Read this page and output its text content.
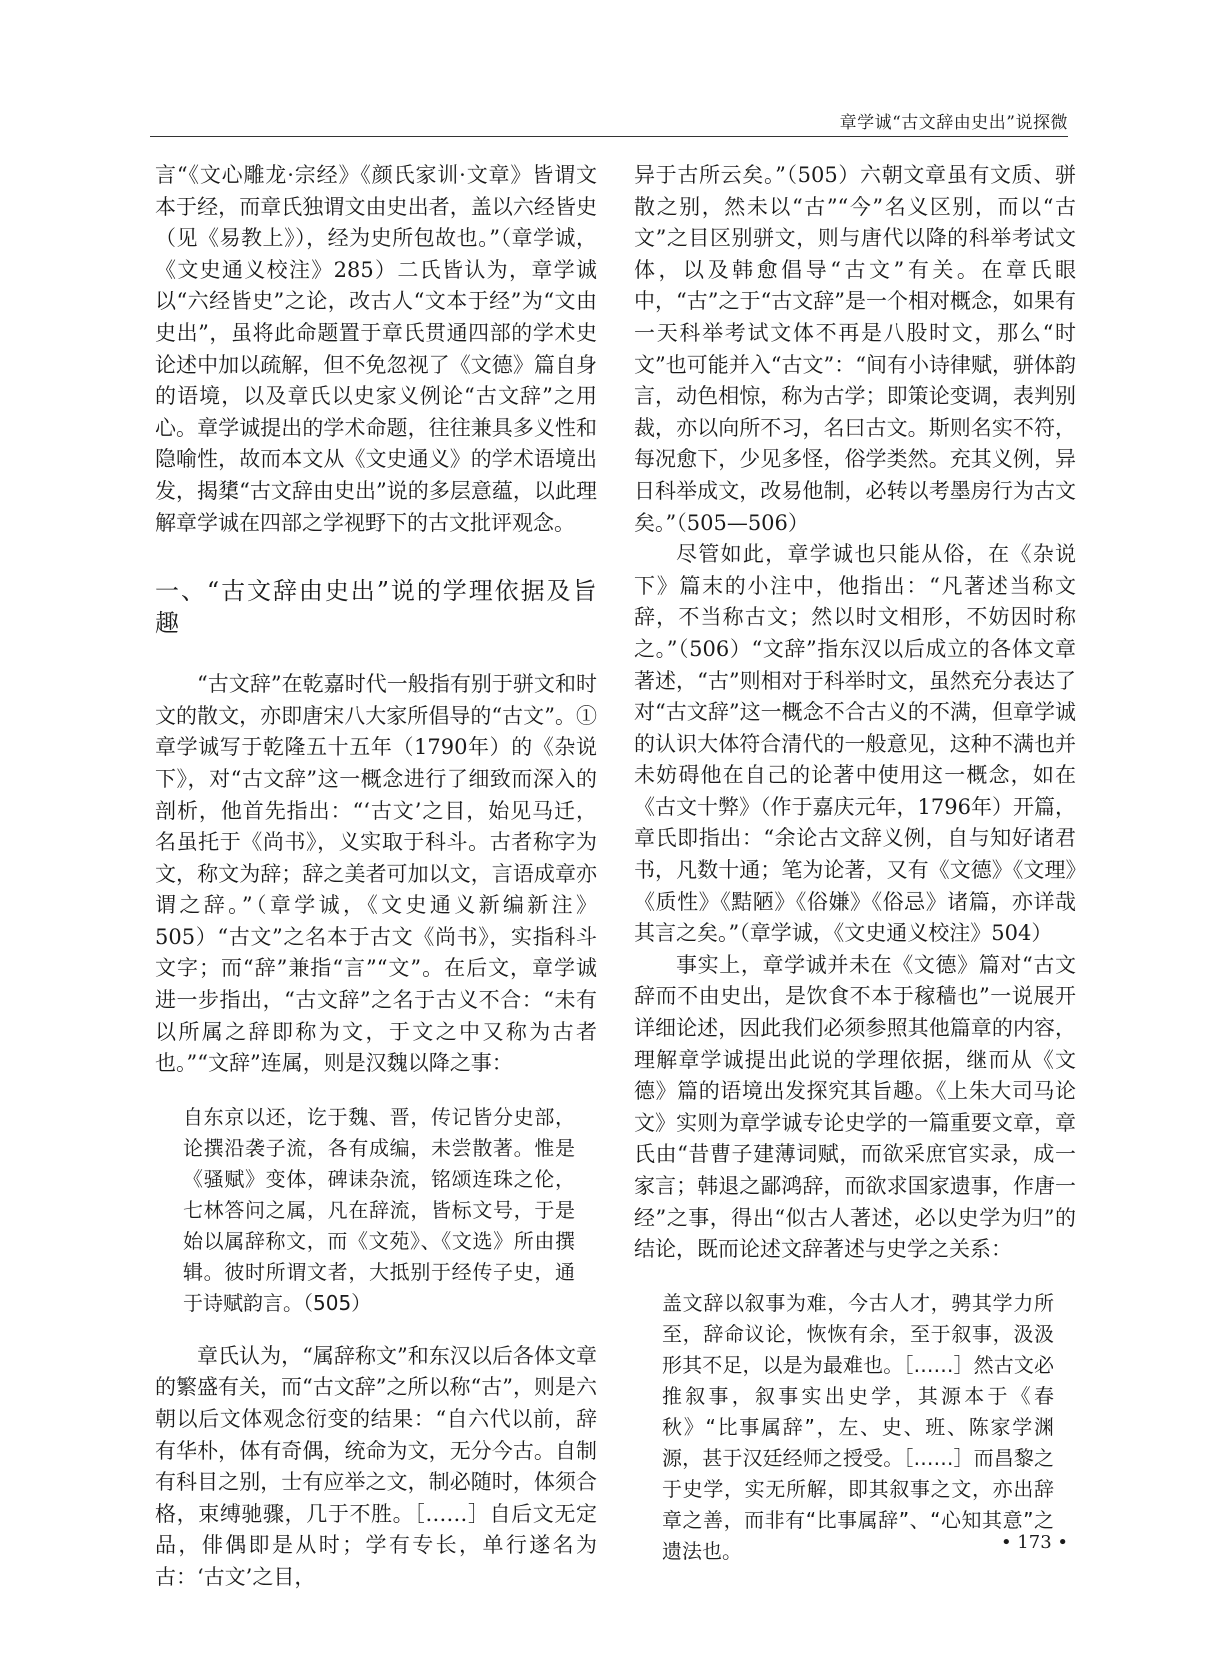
章学诚“古文辞由史出”说探微

言“《文心雕龙·宗经》《颜氏家训·文章》皆谓文本于经，而章氏独谓文由史出者，盖以六经皆史（见《易教上》），经为史所包故也。”（章学诚，《文史通义校注》285）二氏皆认为，章学诚以“六经皆史”之论，改古人“文本于经”为“文由史出”，虽将此命题置于章氏贯通四部的学术史论述中加以疏解，但不免忽视了《文德》篇自身的语境，以及章氏以史家义例论“古文辞”之用心。章学诚提出的学术命题，往往兼具多义性和隐喻性，故而本文从《文史通义》的学术语境出发，揭橥“古文辞由史出”说的多层意蕴，以此理解章学诚在四部之学视野下的古文批评观念。

一、“古文辞由史出”说的学理依据及旨趣

“古文辞”在乾嘉时代一般指有别于骈文和时文的散文，亦即唐宋八大家所倡导的“古文”。①章学诚写于乾隆五十五年（1790年）的《杂说下》，对“古文辞”这一概念进行了细致而深入的剖析，他首先指出：“‘古文’之目，始见马迁，名虽托于《尚书》，义实取于科斗。古者称字为文，称文为辞；辞之美者可加以文，言语成章亦谓之辞。”（章学诚，《文史通义新编新注》505）“古文”之名本于古文《尚书》，实指科斗文字；而“辞”兼指“言”“文”。在后文，章学诚进一步指出，“古文辞”之名于古义不合：“未有以所属之辞即称为文，于文之中又称为古者也。”“文辞”连属，则是汉魏以降之事：

自东京以还，讫于魏、晋，传记皆分史部，论撰沿袭子流，各有成编，未尝散著。惟是《骚赋》变体，碑诔杂流，铭颂连珠之伦，七林答问之属，凡在辞流，皆标文号，于是始以属辞称文，而《文苑》、《文选》所由撰辑。彼时所谓文者，大抵别于经传子史，通于诗赋韵言。（505）

章氏认为，“属辞称文”和东汉以后各体文章的繁盛有关，而“古文辞”之所以称“古”，则是六朝以后文体观念衍变的结果：“自六代以前，辞有华朴，体有奇偶，统命为文，无分今古。自制有科目之别，士有应举之文，制必随时，体须合格，束缚驰骤，几于不胜。［……］自后文无定品，俳偶即是从时；学有专长，单行遂名为古：‘古文’之目，

异于古所云矣。”（505）六朝文章虽有文质、骈散之别，然未以“古”“今”名义区别，而以“古文”之目区别骈文，则与唐代以降的科举考试文体，以及韩愈倡导“古文”有关。在章氏眼中，“古”之于“古文辞”是一个相对概念，如果有一天科举考试文体不再是八股时文，那么“时文”也可能并入“古文”：“间有小诗律赋，骈体韵言，动色相惊，称为古学；即策论变调，表判别裁，亦以向所不习，名曰古文。斯则名实不符，每况愈下，少见多怪，俗学类然。充其义例，异日科举成文，改易他制，必转以考墨房行为古文矣。”（505—506）

尽管如此，章学诚也只能从俗，在《杂说下》篇末的小注中，他指出：“凡著述当称文辞，不当称古文；然以时文相形，不妨因时称之。”（506）“文辞”指东汉以后成立的各体文章著述，“古”则相对于科举时文，虽然充分表达了对“古文辞”这一概念不合古义的不满，但章学诚的认识大体符合清代的一般意见，这种不满也并未妨碍他在自己的论著中使用这一概念，如在《古文十弊》（作于嘉庆元年，1796年）开篇，章氏即指出：“余论古文辞义例，自与知好诸君书，凡数十通；笔为论著，又有《文德》《文理》《质性》《黠陋》《俗嫌》《俗忌》诸篇，亦详哉其言之矣。”（章学诚，《文史通义校注》504）

事实上，章学诚并未在《文德》篇对“古文辞而不由史出，是饮食不本于稼穑也”一说展开详细论述，因此我们必须参照其他篇章的内容，理解章学诚提出此说的学理依据，继而从《文德》篇的语境出发探究其旨趣。《上朱大司马论文》实则为章学诚专论史学的一篇重要文章，章氏由“昔曹子建薄词赋，而欲采庶官实录，成一家言；韩退之鄙鸿辞，而欲求国家遗事，作唐一经”之事，得出“似古人著述，必以史学为归”的结论，既而论述文辞著述与史学之关系：

盖文辞以叙事为难，今古人才，骋其学力所至，辞命议论，恢恢有余，至于叙事，汲汲形其不足，以是为最难也。［……］然古文必推叙事，叙事实出史学，其源本于《春秋》“比事属辞”，左、史、班、陈家学渊源，甚于汉廷经师之授受。［……］而昌黎之于史学，实无所解，即其叙事之文，亦出辞章之善，而非有“比事属辞”、“心知其意”之遗法也。	• 173 •
